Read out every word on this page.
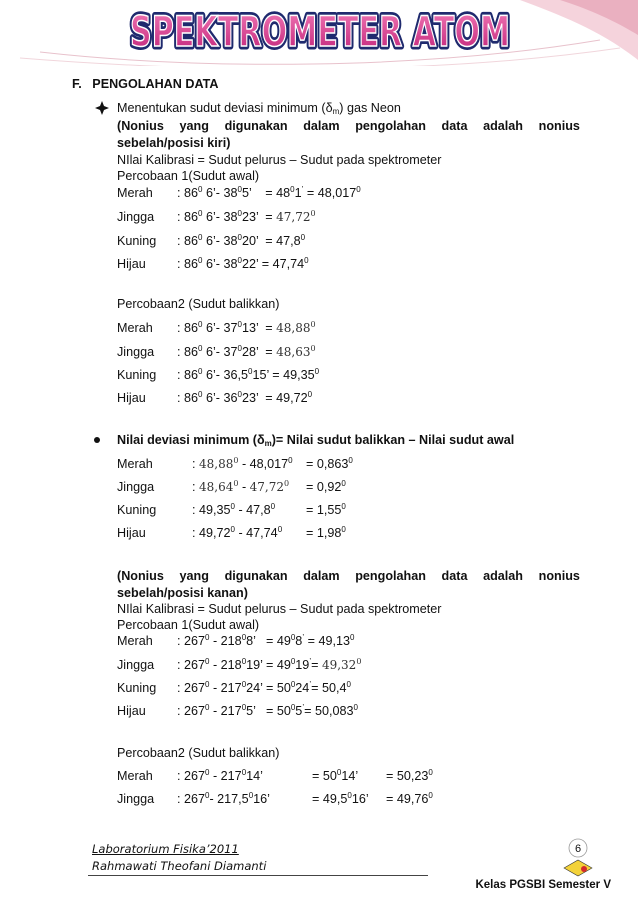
SPEKTROMETER ATOM
SPEKTROMETER ATOM
F.   PENGOLAHAN DATA
Menentukan sudut deviasi minimum $(\delta_m)$ gas Neon
(Nonius yang digunakan dalam pengolahan data adalah nonius
sebelah/posisi kiri)
NIlai Kalibrasi = Sudut pelurus – Sudut pada spektrometer
Percobaan 1(Sudut awal)
Merah : $86^0$ 6’- $38^05$’    = $48^01^’ = 48,017^0$
Jingga : $86^0$ 6’- $38^023$’  = $47,72^0$
Kuning : $86^0$ 6’- $38^020$’  = $47,8^0$
Hijau : $86^0$ 6’- $38^022$’ = $47,74^0$
Percobaan2 (Sudut balikkan)
Merah : $86^0$ 6’- $37^013$’  = $48,88^0$
Jingga : $86^0$ 6’- $37^028$’  = $48,63^0$
Kuning : $86^0$ 6’- $36,5^015$’ = $49,35^0$
Hijau : $86^0$ 6’- $36^023$’  = $49,72^0$
Nilai deviasi minimum $(\delta_m)=$ Nilai sudut balikkan – Nilai sudut awal
Merah	: $48,88^0 - 48,017^0 = 0,863^0$
Jingga	: $48,64^0 - 47,72^0 = 0,92^0$
Kuning	: $49,35^0 - 47,8^0 = 1,55^0$
Hijau	: $49,72^0 - 47,74^0 = 1,98^0$
(Nonius yang digunakan dalam pengolahan data adalah nonius
sebelah/posisi kanan)
NIlai Kalibrasi = Sudut pelurus – Sudut pada spektrometer
Percobaan 1(Sudut awal)
Merah : $267^0 - 218^08$’   = $49^08^’ = 49,13^0$
Jingga : $267^0 - 218^019$’ = $49^019^’= 49,32^0$
Kuning : $267^0 - 217^024$’ = $50^024^’= 50,4^0$
Hijau : $267^0 - 217^05$’   = $50^05^’= 50,083^0$
Percobaan2 (Sudut balikkan)
Merah : $267^0 - 217^014$’	= $50^014$’ = $50,23^0$
Jingga : $267^0-$ $217,5^016$’	= $49,5^016$’ = $49,76^0$
Laboratorium Fisika’2011
Rahmawati Theofani Diamanti
6
Kelas PGSBI Semester V
